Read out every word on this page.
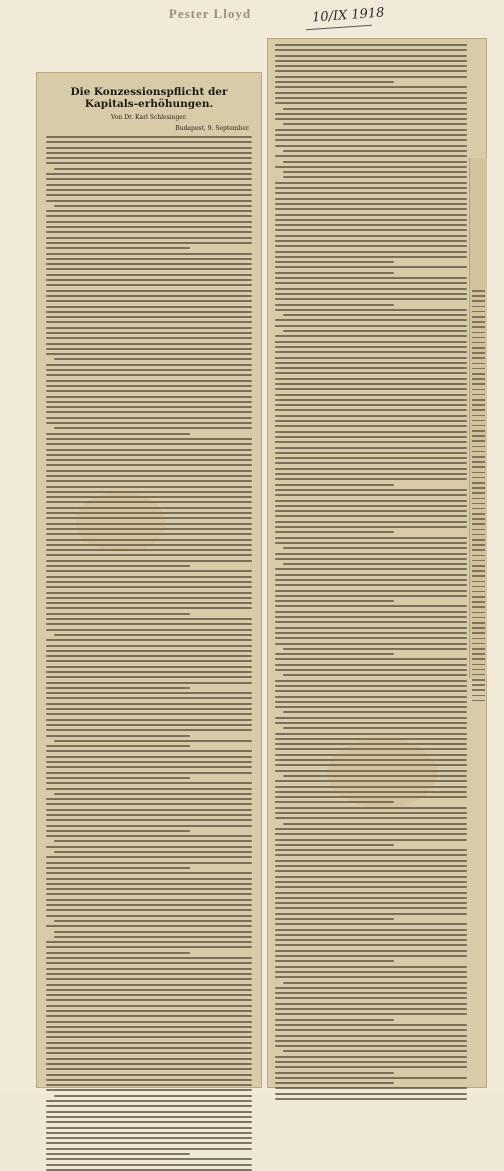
Pester Lloyd	10/IX 1918
Die Konzessionspflicht der Kapitals-erhöhungen.
Von Dr. Karl Schlesinger.
Budapest, 9. September.
